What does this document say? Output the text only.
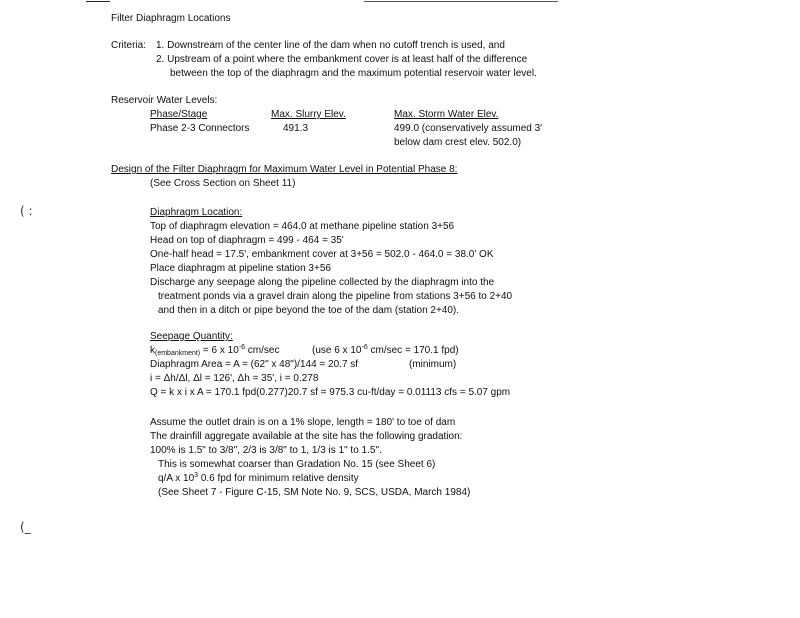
( :
(_
Filter Diaphragm Locations
Criteria: 1. Downstream of the center line of the dam when no cutoff trench is used, and
2. Upstream of a point where the embankment cover is at least half of the difference
between the top of the diaphragm and the maximum potential reservoir water level.
Reservoir Water Levels:
Phase/Stage	Max. Slurry Elev.	Max. Storm Water Elev.
Phase 2-3 Connectors	491.3	499.0 (conservatively assumed 3'
below dam crest elev. 502.0)
Design of the Filter Diaphragm for Maximum Water Level in Potential Phase 8:
(See Cross Section on Sheet 11)
Diaphragm Location:
Top of diaphragm elevation = 464.0 at methane pipeline station 3+56
Head on top of diaphragm = 499 - 464 = 35'
One-half head = 17.5', embankment cover at 3+56 = 502.0 - 464.0 = 38.0' OK
Place diaphragm at pipeline station 3+56
Discharge any seepage along the pipeline collected by the diaphragm into the
treatment ponds via a gravel drain along the pipeline from stations 3+56 to 2+40
and then in a ditch or pipe beyond the toe of the dam (station 2+40).
Seepage Quantity:
$k_{(embankment)} = 6$ x $10^{-6}$ cm/sec	(use 6 x $10^{-6}$ cm/sec = 170.1 fpd)
Diaphragm Area = A = (62" x 48")/144 = 20.7 sf	(minimum)
i = Δh/Δl, Δl = 126', Δh = 35', i = 0.278
Q = k x i x A = 170.1 fpd(0.277)20.7 sf = 975.3 cu-ft/day = 0.01113 cfs = 5.07 gpm
Assume the outlet drain is on a 1% slope, length = 180' to toe of dam
The drainfill aggregate available at the site has the following gradation:
100% is 1.5" to 3/8", 2/3 is 3/8" to 1, 1/3 is 1" to 1.5".
This is somewhat coarser than Gradation No. 15 (see Sheet 6)
q/A x $10^3$ 0.6 fpd for minimum relative density
(See Sheet 7 - Figure C-15, SM Note No. 9, SCS, USDA, March 1984)
